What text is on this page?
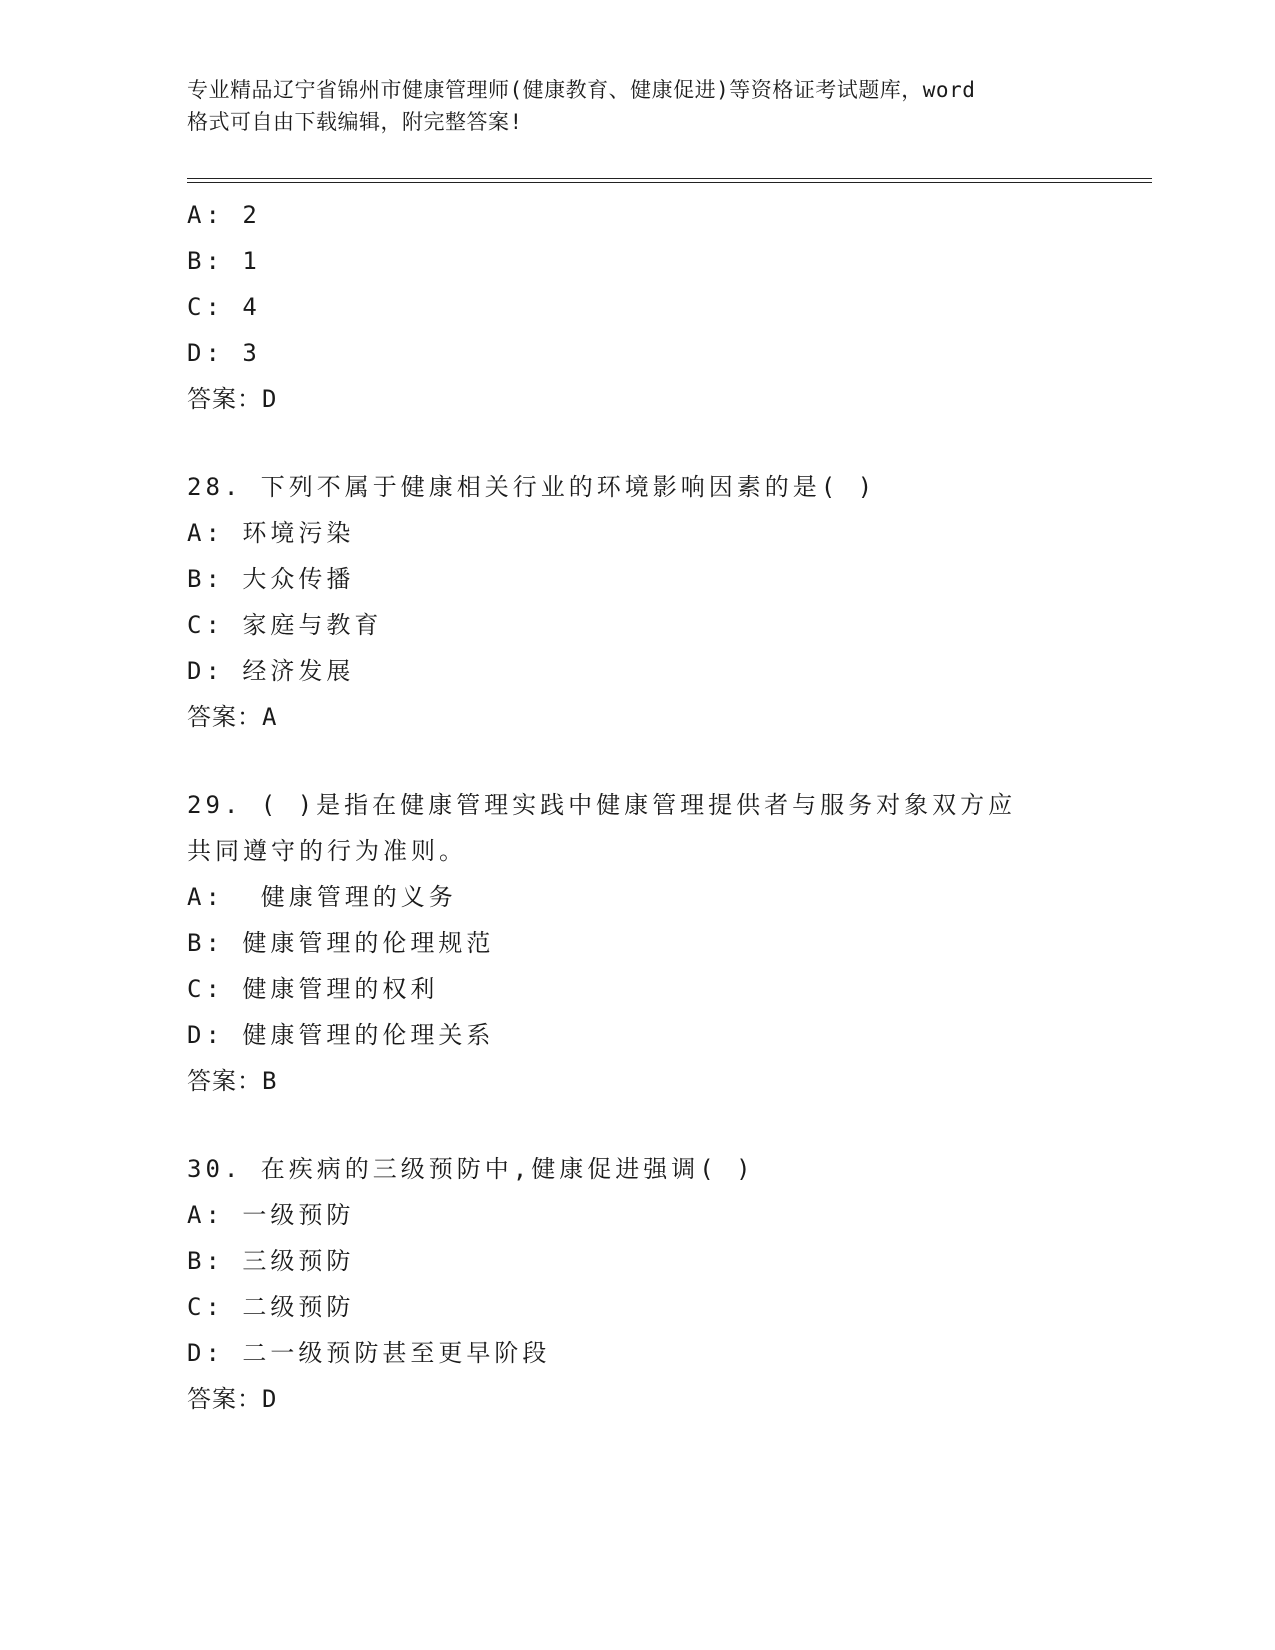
专业精品辽宁省锦州市健康管理师(健康教育、健康促进)等资格证考试题库，word
格式可自由下载编辑，附完整答案!
A: 2
B: 1
C: 4
D: 3
答案：D
28. 下列不属于健康相关行业的环境影响因素的是( )
A: 环境污染
B: 大众传播
C: 家庭与教育
D: 经济发展
答案：A
29. ( )是指在健康管理实践中健康管理提供者与服务对象双方应
共同遵守的行为准则。
A:  健康管理的义务
B: 健康管理的伦理规范
C: 健康管理的权利
D: 健康管理的伦理关系
答案：B
30. 在疾病的三级预防中,健康促进强调( )
A: 一级预防
B: 三级预防
C: 二级预防
D: 二一级预防甚至更早阶段
答案：D
